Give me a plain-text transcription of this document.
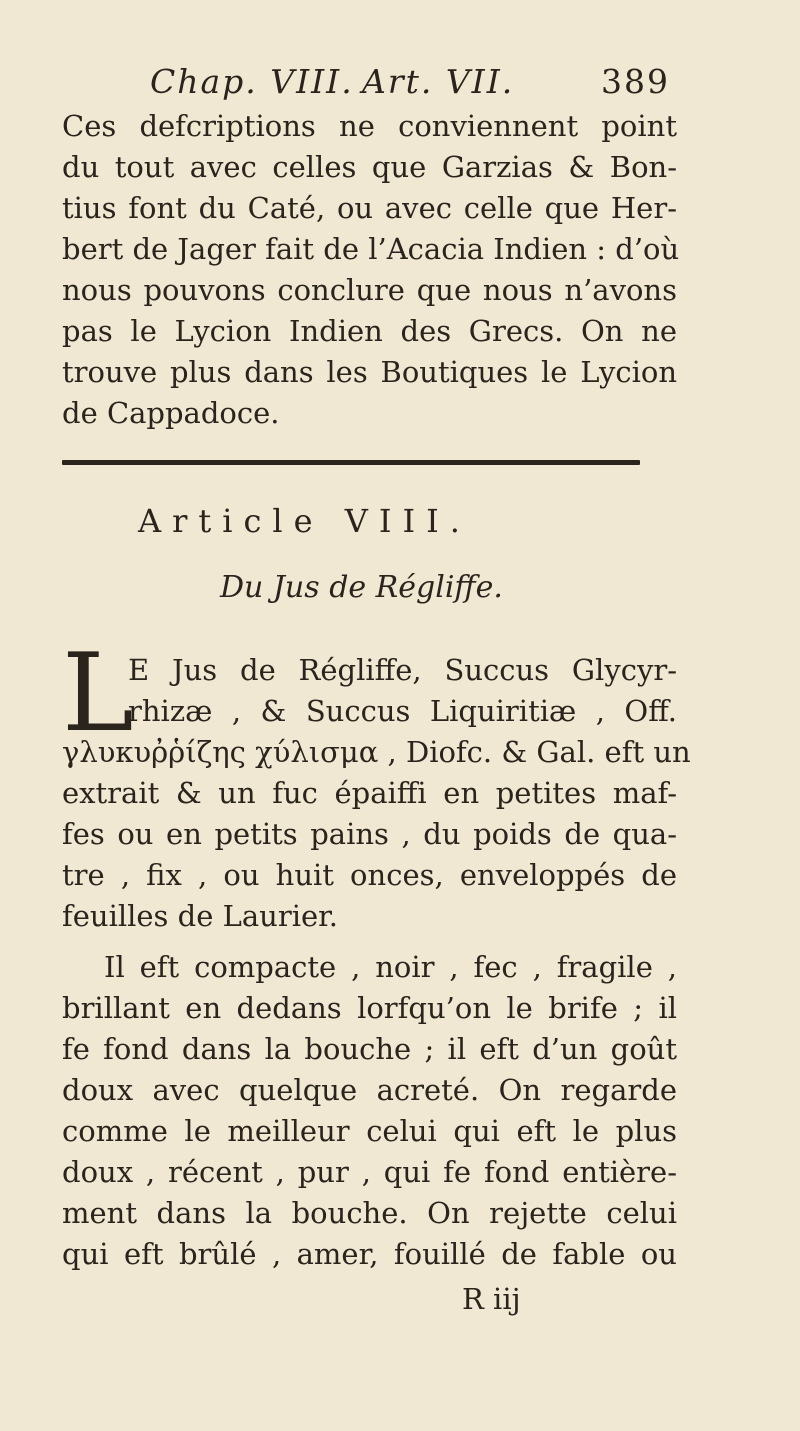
Chap. VIII. Art. VII.	389
Ces defcriptions ne conviennent point
du tout avec celles que Garzias & Bon-
tius font du Caté, ou avec celle que Her-
bert de Jager fait de l’Acacia Indien : d’où
nous pouvons conclure que nous n’avons
pas le Lycion Indien des Grecs. On ne
trouve plus dans les Boutiques le Lycion
de Cappadoce.
Article VIII.
Du Jus de Régliffe.
L
E Jus de Régliffe, Succus Glycyr-
rhizæ , & Succus Liquiritiæ , Off.
γλυκυῤῥίζης χύλισμα , Diofc. & Gal. eft un
extrait & un fuc épaiffi en petites maf-
fes ou en petits pains , du poids de qua-
tre , fix , ou huit onces, enveloppés de
feuilles de Laurier.
Il eft compacte , noir , fec , fragile ,
brillant en dedans lorfqu’on le brife ; il
fe fond dans la bouche ; il eft d’un goût
doux avec quelque acreté. On regarde
comme le meilleur celui qui eft le plus
doux , récent , pur , qui fe fond entière-
ment dans la bouche. On rejette celui
qui eft brûlé , amer, fouillé de fable ou
R iij
